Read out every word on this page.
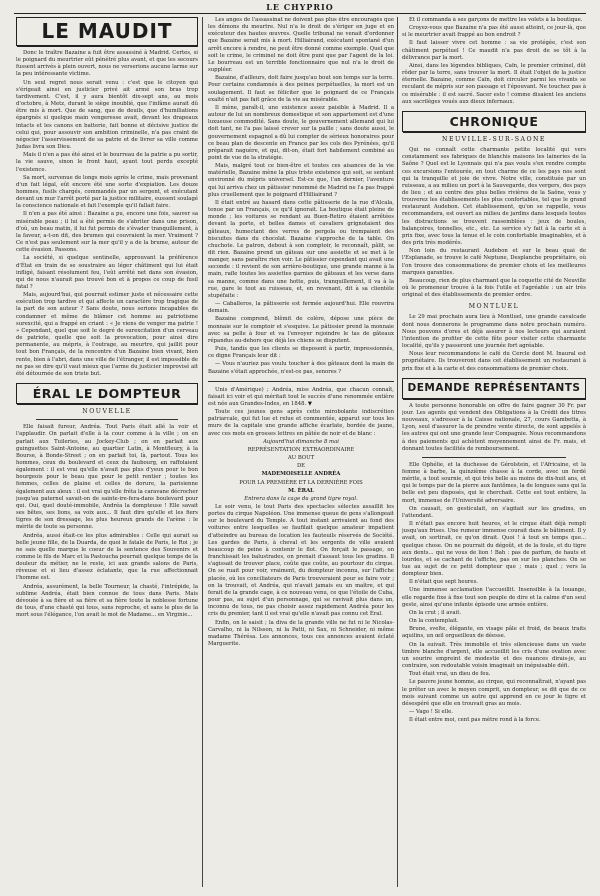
LE CHYPRIO
LE MAUDIT

Donc le traître Bazaine a fuit être assassiné à Madrid. Certes, si le poignard du meurtrier eût pénétré plus avant, et que les secours fussent arrivés à plein ouvert, nous ne verserions aucune larme sur la peu intéressante victime.

Un seul regret nous serait venu : c'est que le citoyen qui s'érigeait ainsi en justicier privé ait armé son bras trop tardivement. C'est, il y aura bientôt dix-sept ans, au mois d'octobre, à Metz, durant le siège inoublié, que l'infâme aurait dû être mis à mort. Que de sang, que de deuils, que d'humiliations épargnés si quelque main vengeresse avait, devant les drapeaux intacts et les canons en batterie, fait bonne et décisive justice de celui qui, pour assouvir son ambition criminelle, n'a pas craint de négocier l'asservissement de sa patrie et de livrer sa ville comme Judas livra son Dieu.

Mais il n'en a pas été ainsi et le bourreau de la patrie a pu sortir, la vie sauve, sinon le front haut, ayant tout perdu excepté l'existence.

Sa mort, survenue de longs mois après le crime, mais provenant d'un fait légal, eût encore été une sorte d'expiation. Les douze hommes, fusils chargés, commandés par un sergent, et exécutant devant un mur l'arrêt porté par la justice militaire, eussent soulagé la conscience nationale et fait l'exemple qu'il fallait faire.

Il n'en a pas été ainsi : Bazaine a pu, encore une fois, sauver sa misérable peau ; il lui a été permis de s'abriter dans une prison, d'où, un beau matin, il lui fut permis de s'évader tranquillement, à la faveur, a-t-on dit, des brumes qui couvraient la mer. Vraiment ? Ce n'est pas seulement sur la mer qu'il y a de la brume, autour de cette évasion. Passons.

La société, si quelque sentinelle, approuvant la préférence d'État en train de se soustraire au léger châtiment qui lui était infligé, faisant résolument feu, l'eût arrêté net dans son évasion, qui de nous n'aurait pas trouvé bon et à propos ce coup de fusil fatal ?

Mais, aujourd'hui, qui pourrait estimer juste et nécessaire cette exécution trop tardive et qui affecte un caractère trop tragique de la part de son auteur ? Sans doute, nous serions incapables de condamner et même de blâmer cet homme au patriotisme surexcité, qui a frappé en criant : « Je viens de venger ma patrie ! » Cependant, quel que soit le degré de surexcitation d'un cerveau de patriote, quelle que soit la provocation, pour ainsi dire permanente, au mépris, à l'outrage, au meurtre, qui jaillit pour tout bon Français, de la rencontre d'un Bazaine bien vivant, bien rente, bien à l'abri, dans une ville de l'étranger, il est impossible de ne pas se dire qu'il vaut mieux que l'arme du justicier improvisé ait été détournée de son triste but.

ÉRAL LE DOMPTEUR
NOUVELLE

Elle faisait fureur, Andréa. Tout Paris était allé la voir et l'applaudir. On parlait d'elle à la cour comme à la ville ; on en parlait aux Tuileries, au Jockey-Club ; on en parlait aux guinguettes Saint-Antoine, au quartier Latin, à Montfleury, à la Bourse, à Bonde-Street ; on en parlait toi, là, partout. Tous les hommes, ceux du boulevard et ceux du faubourg, en raffolaient également : il est vrai qu'elle n'avait pas plus d'yeux pour le bon bourgeois pour le beau que pour le petit rentier ; toutes les femmes, celles de plaine et celles de dorure, la parisienne également aux aïeux : il est vrai qu'elle fréta la caravane décrocher jusqu'au paternel savait-on de sainte-ire-fera-dans boulevard pour qui. Oui, quel douté-immobile, Andréa la dompteuse ! Elle savait ses bêtes, ses lions, sa voix aux... Il faut dire qu'elle et les fiers tigres de son dressage, les plus heureux grands de l'arène : le mérite de toute sa personne.

Andréa, aussi était-ce les plus admirables : Celle qui aurait sa belle jeune fille, de la Duarda, de quoi le fatale de Paris, le Roi ; je ne sais quelle marque le coeur de la sentence des Souvenirs et comme le fils de Marc et la Pastoucha pourrait quelque temps de la douleur du métier, ne le reste, ici aux grands salons de Paris, rêveuse et si lieu d'assez éclatante, que la rue affectionnait l'homme est.

Andréa, assurément, la belle Tourneur, la chasté, l'intrépide, la sublime Andréa, était bien connue de tous dans Paris. Mais dévouée à sa fière et sa fière et sa fière toute la noblesse fortune de tous, d'une chasté qui tous, sans reproche, et sans le plus de la mort sous l'élégance, l'on avait le mot de Madame... en Virginie...

Les anges de l'assassinat ne doivent pas plus être encouragés que les démons du meurtre. Nul n'a le droit de s'ériger en juge et en exécuteur des hautes œuvres. Quelle tribunal ne venait d'ordonner que Bazaine serait mis à mort. Hilliairand, exécutant spontané d'un arrêt encore à rendre, ne peut être donné comme exemple. Quel que soit le crime, le criminel ne doit être puni que par l'agent de la loi. Le bourreau est un terrible fonctionnaire que nul n'a le droit de suppléer.

Bazaine, d'ailleurs, doit faire jusqu'au bout son temps sur la terre. Pour certains condamnés à des peines perpétuelles, la mort est un soulagement. Il faut se féliciter que le poignard de ce Français exalté n'ait pas fait grâce de la vie au misérable.

Il mène, paraît-il, une existence assez paisible à Madrid. Il a autour de lui un nombreux domestique et son appartement est d'une luxueuse commodité. Sans doute, le gouvernement allemand qui lui doit tant, ne l'a pas laissé crever sur la paille ; sans doute aussi, le gouvernement espagnol a dû lui compter de sérieux honoraires pour ce beau plan de descente en France par les cols des Pyrénées, qu'il préparait naguère, et qui, dit-on, était fort habilement combiné au point de vue de la stratégie.

Mais, malgré tout ce bien-être et toutes ces aisances de la vie matérielle, Bazaine mène la plus triste existence qui soit, se sentant environné du mépris universel. Est-ce que, l'an dernier, l'aventure qui lui arriva chez un pâtissier renommé de Madrid ne l'a pas frappé plus cruellement que le poignard d'Hilliairand ?

Il était entré au hasard dans cette pâtisserie de la rue d'Alcala, tenue par un Français, ce qu'il ignorait. La boutique était pleine de monde ; les voitures se rendant au Buen-Retiro étaient arrêtées devant la porte, et belles dames et cavaliers grignotaient des gâteaux, humectant des verres de pergola ou trempaient des biscuites dans du chocolat. Bazaine s'approche de la table. On chuchote. Le patron, debout à son comptoir, le reconnaît, pâlit, se dit rien. Bazaine prend un gâteau sur une assiette et se met à le manger, sans paraître rien voir. Le pâtissier cependant qui avait une seconde : il revient de son arrière-boutique, une grande manne à la main, rafle toutes les assiettes garnies de gâteaux et les verse dans sa manne, comme dans une hotte, puis, tranquillement, il va à la rue, gare le tout au ruisseau, et, en revenant, dit à sa clientèle stupéfaite :

— Caballeros, la pâtisserie est fermée aujourd'hui. Elle rouvrira demain.

Bazaine comprend, blêmit de colère, dépose une pièce de monnaie sur le comptoir et s'esquive. Le pâtissier prend la monnaie avec sa pelle à four et va l'envoyer rejoindre le tas de gâteaux répandus au-dehors que déjà les chiens se disputent.

Puis, tandis que les clients se disposent à partir, impressionnés, ce digne Français leur dit :

— Vous n'auriez pas voulu toucher à des gâteaux dont la main de Bazaine s'était approchée, n'est-ce pas, senores ?

Unis d'Amérique) ; Andréa, miss Andréa, que chacun connaît, faisait ici voir et qui méritait tout le succès d'une renommée entière est née aux Grandes-Indes, en 1848. ▼

Toute ces jeunes gens après cette mirobolante indiscrétion patriarcale, qui fut lue et relue et commentée, apparut sur tous les murs de la capitale une grande affiche écarlate, bordée de jaune, avec ces mots en grosses lettres en pâtée de noir et de blanc :

Aujourd'hui dimanche 8 mai

REPRÉSENTATION EXTRAORDINAIRE

AU BOUT

DE

MADEMOISELLE ANDRÉA

POUR LA PREMIÈRE ET LA DERNIÈRE FOIS

M. ÉRAL

Entrera dans la cage du grand tigre royal.

Le soir venu, le tout Paris des spectacles sélectes assaillit les portes du cirque Napoléon. Une immense queue de gens s'allongeait sur le boulevard du Temple. A tout instant arrivaient au fond des voitures entre lesquelles se faufilait quelque amateur impatient d'atteindre au bureau de location les fauteuils réservés de Société. Les gardes de Paris, à cheval et les sergents de ville avaient beaucoup de peine à contenir le flot. On forçait le passage, on franchissait les balustrades, on prenait d'assaut tous les gradins. Il s'agissait de trouver place, coûte que coûte, au pourtour du cirque. On se ruait pour voir, vraiment, du dompteur inconnu, sur l'affiche placée, où les conciliateurs de Paris trouveraient pour se faire voir ; on la trouvait, et Andréa, qui n'avait jamais eu un maître, et qui ferait de la grande cage, à ce nouveau venu, ce que l'étoile de Cuba, pour pas, au sujet d'un personnage, qui se ravivait plus dans un, inconnu de tous, ne pas choisir assez rapidement Andréa pour les cris du premier, tant il est vrai qu'elle n'avait pas connu cet Éral.

Enfin, on le saisit ; la diva de la grande ville ne fut ni le Nicolas-Carvalho, ni la Nilsson, ni la Patti, ni Sax, ni Schneider, ni même madame Thérésa. Les annonces, tous ces annonces avaient éclaté Marguerite.

Et il commanda à ses garçons de mettre les volets à la boutique.

Croyez-vous que Bazaine n'a pas été aussi atteint, ce jour-là, que si le meurtrier avait frappé au bon endroit ?

Il faut laisser vivre cet homme : sa vie protégée, c'est son châtiment perpétuel ! Ce maudit n'a pas droit de se tôt à la délivrance par la mort.

Ainsi, dans les légendes bibliques, Caïn, le premier criminel, dût rôder par la terre, sans trouver la mort. Il était l'objet de la justice éternelle. Bazaine, comme Caïn, doit circuler parmi les vivants se reculant de mépris sur son passage et l'épouvant. Ne touchez pas à ce misérable : il est sacré. Sacer esto ! comme disaient les anciens aux sacrilèges voués aux dieux infernaux.

CHRONIQUE
NEUVILLE-SUR-SAONE

Qui ne connaît cette charmante petite localité qui vers constamment ses fabriques de blanchis maisons les laineries de la Saône ? Quel est le Lyonnais qui n'a pas voulu s'en rendre compte ces excursions l'entourée, en tout charme de ce les pays nos sont qui la tranquille et joie de vivre. Notre ville, constituée par un ruisseau, a au milieu un port à la Sauvegarde, des vergers, des pays de lieu ; et au centre des plus belles rivières de la Saône, vous y trouverez les établissements les plus confortables, tel que le grand restaurant Audebon. Cet établissement, qu'on se rappelle, vous recommandera, est ouvert au milieu de jardins dans lesquels toutes les distractions se trouvent rassemblées : jeux de boules, balançoires, tonnelles, etc., etc. Le service s'y fait à la carte et à prix fixe, avec tous la tenue et le coin confortable imaginables, et à des prix très modérés.

Non loin du restaurant Audebon et sur le beau quai de l'Esplanade, se trouve le café Neptune, Desplanche propriétaire, où l'on trouve des consommations de premier choix et les meilleures marques garanties.

Beaucoup, rien de plus charmant que la coquette cité de Neuville où le promeneur trouve à la fois l'utile et l'agréable : un air très original et des établissements de premier ordre.

MONTLUEL

Le 29 mai prochain aura lieu à Montluel, une grande cavalcade dont nous donnerons le programme dans notre prochain numéro. Nous pouvons d'ores et déjà assurer à nos lecteurs qui auraient l'intention de profiter de cette fête pour visiter cette charmante localité, qu'ils y passeront une journée fort agréable.

Nous leur recommandons le café du Cercle dont M. Inaural est propriétaire. Ils trouveront dans cet établissement un restaurant à prix fixe et à la carte et des consommations de premier choix.

DEMANDE REPRÉSENTANTS

A toute personne honorable on offre de faire gagner 30 Fr. par jour. Les agents qui vendent des Obligations à la Crédit des titres nouveaux, s'adresser à la Caisse nationale, 27, cours Gambetta, à Lyon, seul d'assurer la de prendre vente directe, de sont appelés à les autres qui ont une grande leur Compagnie. Nous recommandons à des paiements qui achètent moyennement ainsi de Fr. mais, et donnant toutes facilités de remboursement.

Elle Ophélie, et la duchesse de Gérolstein, et l'Africaine, et la femme à barbe, la quinzième chasse à la corde, avec un ferdé mérite, a tout sournie, et qui très belle au moins de dix-huit ans, et qui le temps par de la pierre aux fantômes, la de longues sans qui la belle est peu disposés, qui le cherchait. Cette est tout entière, la mort, immense de l'Université adversaire.

On causait, on gesticulait, on s'agitait sur les gradins, en l'attendant.

Il n'était pas encore huit heures, et le cirque était déjà rempli jusqu'aux frises. Une rumeur immense courait dans le bâtiment. Il y avait, on sortirait, ce qu'on dirait. Quoi ! à tout en temps que... quelque chose. On ne pourrait du dégoût, et de la foule, et du tigre aux dents... qui ne vous de lion ! Bah : pas de parfum, de hauts et lourdes, et se cachant de l'affiche, pas on sur les planches. On se tue au sujet de ce petit dompteur que ; mais ; quel ; vers la dompteur bien.

Il n'était que sept heures.

Une immense acclamation l'accueillit. Insensible à la louange, elle regarde fixe à fixe tout son peuple de dire et la calme d'un seul geste, ainsi qu'une infante épisode une armée entière.

On la crut ; il avait.

On la contemplait.

Brune, svelte, élégante, en visage pâle et froid, de beaux traits aquilins, un œil orgueilleux de déesse.

On la suivait. Très immobile et très silencieuse dans un vaste timbre blanche d'argent, elle accueillit les cris d'une ovation avec un sourire empreint de modestie et des nuances dirais-je, au contraire, son redoutable voisin imaginait un inépuisable défi.

Tout était vrai, un dieu de feu.

Le pauvre jeune homme, au cirque, qui reconnaîtrait, n'ayant pas le prêter un avec le moyen comprit, un dompteur, se dit que de ce mois suivant comme un autre qui apprend en ce jour le tigre et désespéré que elle en trouvait gras au mois.

— Vago ! Si elle.

Il était entre moi, cent pas mètre rond à la force.
